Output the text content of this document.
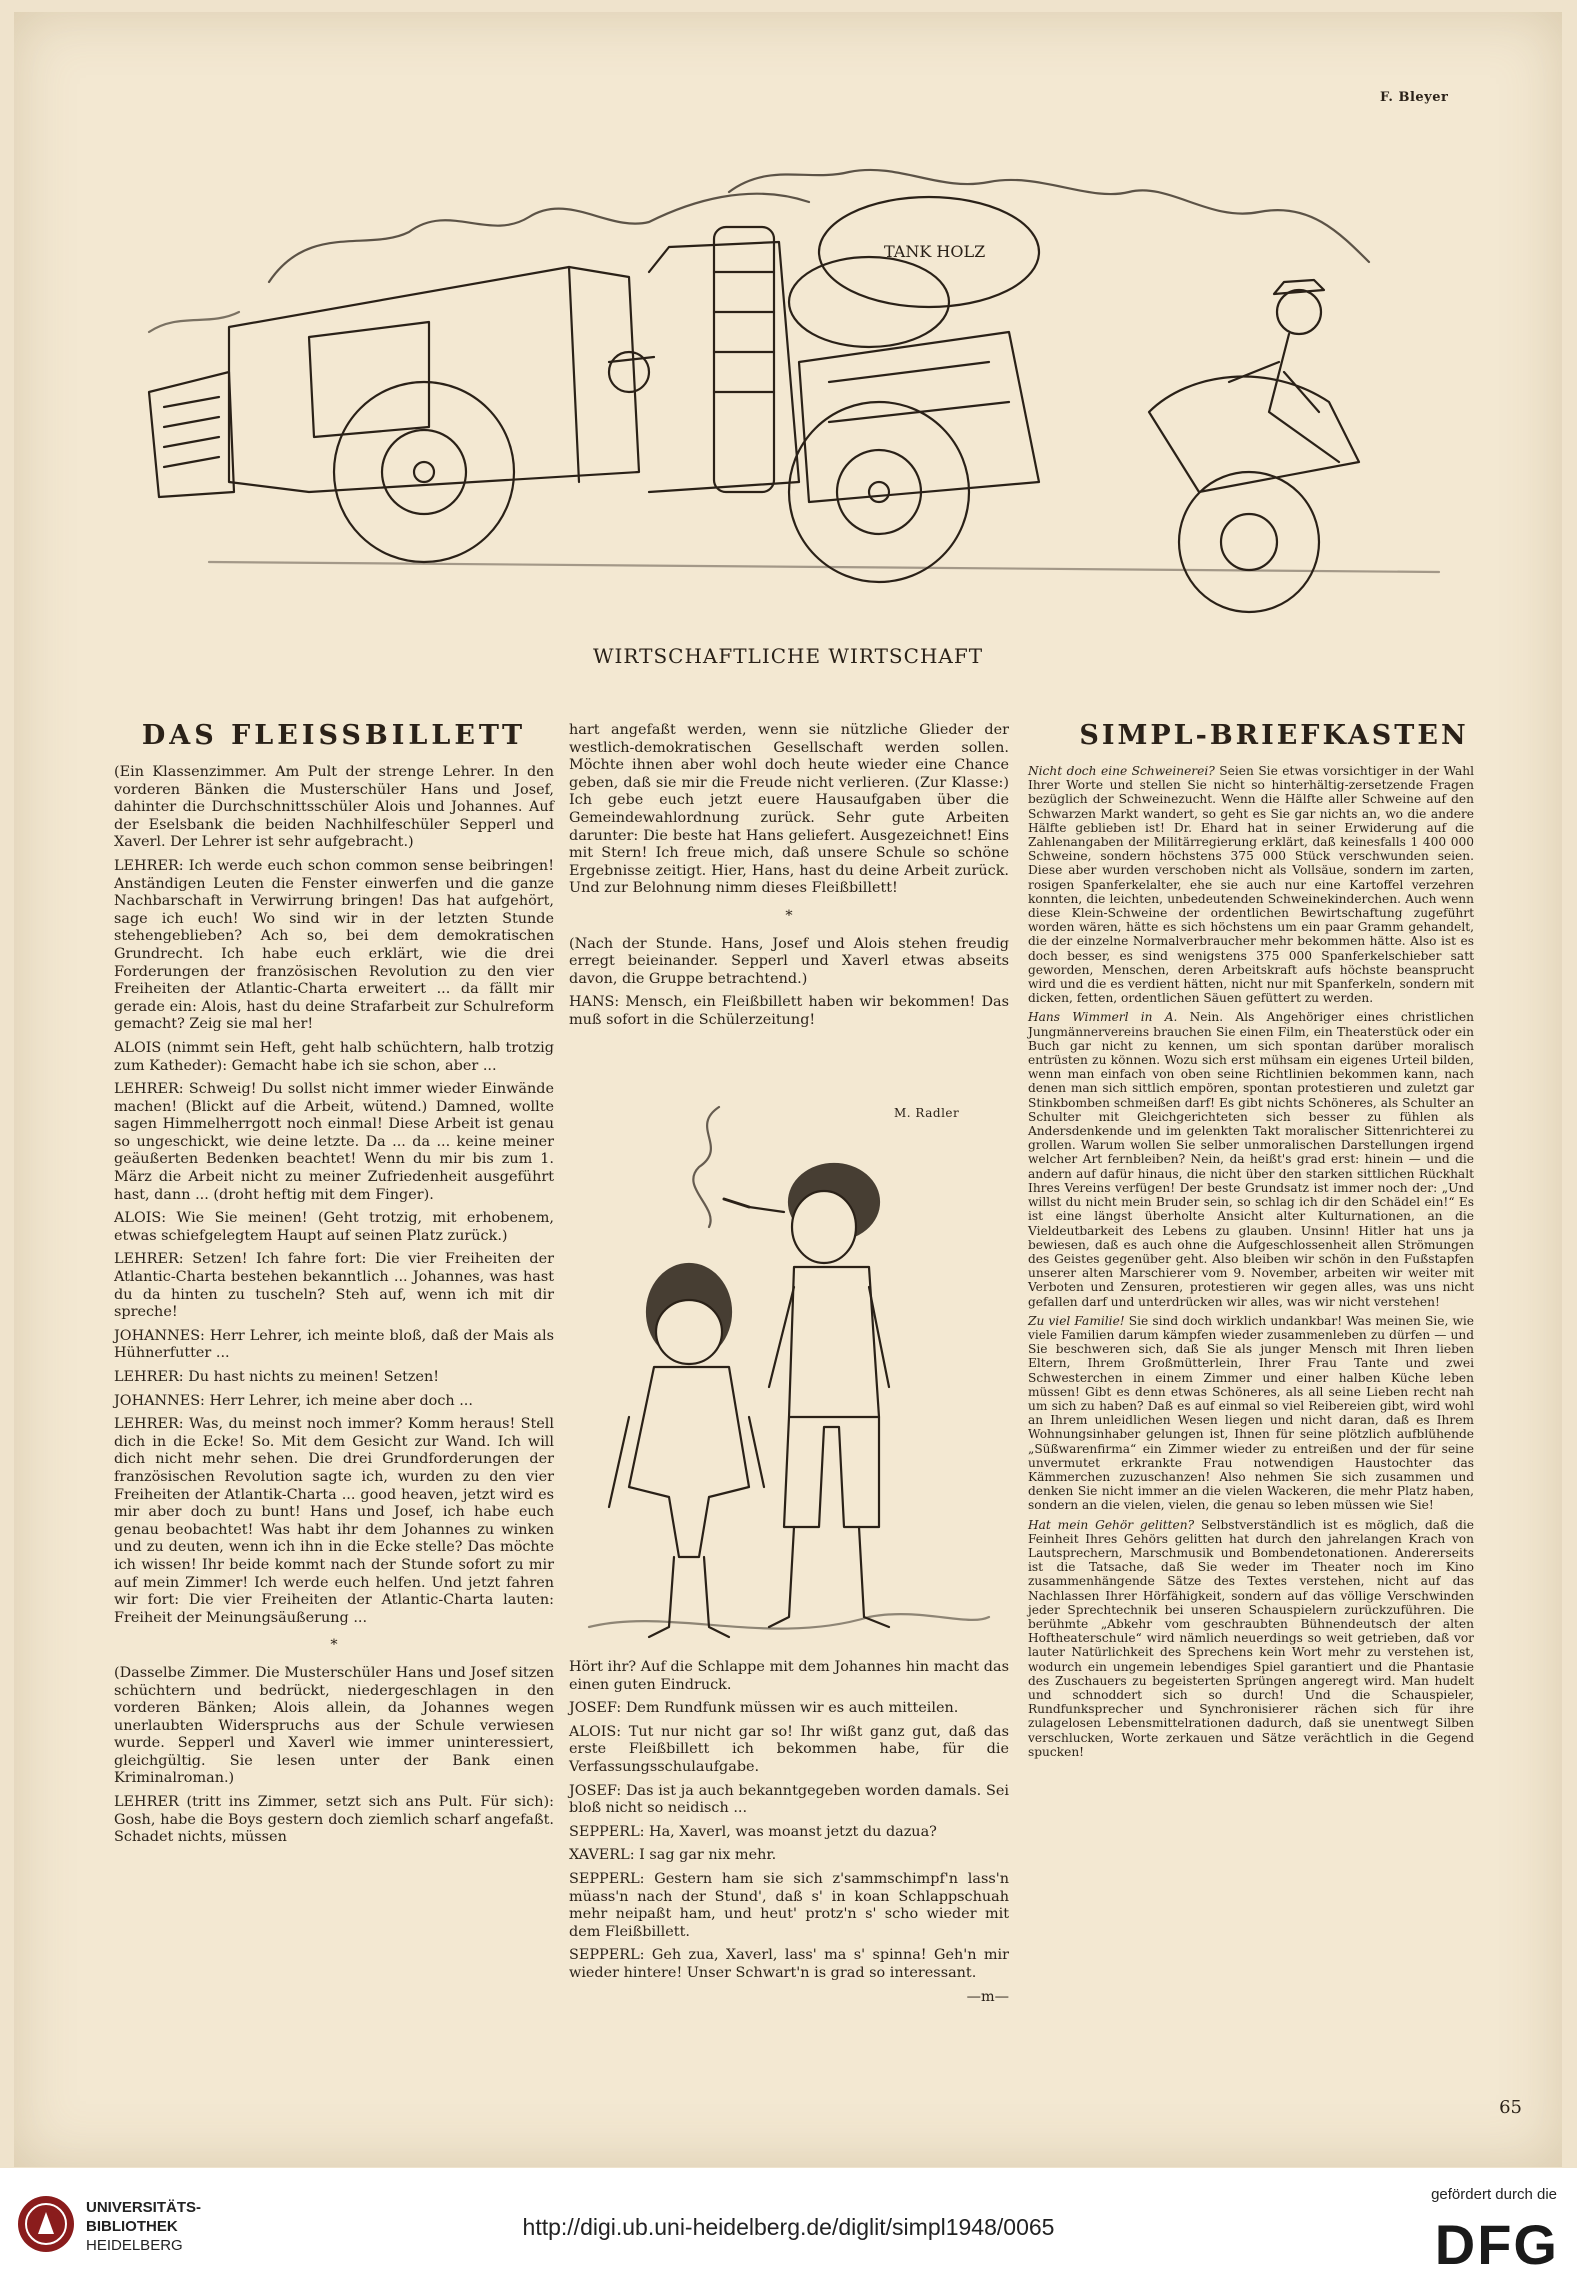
F. Bleyer
TANK HOLZ
WIRTSCHAFTLICHE WIRTSCHAFT
DAS FLEISSBILLETT

(Ein Klassenzimmer. Am Pult der strenge Lehrer. In den vorderen Bänken die Musterschüler Hans und Josef, dahinter die Durchschnittsschüler Alois und Johannes. Auf der Eselsbank die beiden Nachhilfeschüler Sepperl und Xaverl. Der Lehrer ist sehr aufgebracht.)

LEHRER: Ich werde euch schon common sense beibringen! Anständigen Leuten die Fenster einwerfen und die ganze Nachbarschaft in Verwirrung bringen! Das hat aufgehört, sage ich euch! Wo sind wir in der letzten Stunde stehengeblieben? Ach so, bei dem demokratischen Grundrecht. Ich habe euch erklärt, wie die drei Forderungen der französischen Revolution zu den vier Freiheiten der Atlantic-Charta erweitert ... da fällt mir gerade ein: Alois, hast du deine Strafarbeit zur Schulreform gemacht? Zeig sie mal her!

ALOIS (nimmt sein Heft, geht halb schüchtern, halb trotzig zum Katheder): Gemacht habe ich sie schon, aber ...

LEHRER: Schweig! Du sollst nicht immer wieder Einwände machen! (Blickt auf die Arbeit, wütend.) Damned, wollte sagen Himmelherrgott noch einmal! Diese Arbeit ist genau so ungeschickt, wie deine letzte. Da ... da ... keine meiner geäußerten Bedenken beachtet! Wenn du mir bis zum 1. März die Arbeit nicht zu meiner Zufriedenheit ausgeführt hast, dann ... (droht heftig mit dem Finger).

ALOIS: Wie Sie meinen! (Geht trotzig, mit erhobenem, etwas schiefgelegtem Haupt auf seinen Platz zurück.)

LEHRER: Setzen! Ich fahre fort: Die vier Freiheiten der Atlantic-Charta bestehen bekanntlich ... Johannes, was hast du da hinten zu tuscheln? Steh auf, wenn ich mit dir spreche!

JOHANNES: Herr Lehrer, ich meinte bloß, daß der Mais als Hühnerfutter ...

LEHRER: Du hast nichts zu meinen! Setzen!

JOHANNES: Herr Lehrer, ich meine aber doch ...

LEHRER: Was, du meinst noch immer? Komm heraus! Stell dich in die Ecke! So. Mit dem Gesicht zur Wand. Ich will dich nicht mehr sehen. Die drei Grundforderungen der französischen Revolution sagte ich, wurden zu den vier Freiheiten der Atlantik-Charta ... good heaven, jetzt wird es mir aber doch zu bunt! Hans und Josef, ich habe euch genau beobachtet! Was habt ihr dem Johannes zu winken und zu deuten, wenn ich ihn in die Ecke stelle? Das möchte ich wissen! Ihr beide kommt nach der Stunde sofort zu mir auf mein Zimmer! Ich werde euch helfen. Und jetzt fahren wir fort: Die vier Freiheiten der Atlantic-Charta lauten: Freiheit der Meinungsäußerung ...

*

(Dasselbe Zimmer. Die Musterschüler Hans und Josef sitzen schüchtern und bedrückt, niedergeschlagen in den vorderen Bänken; Alois allein, da Johannes wegen unerlaubten Widerspruchs aus der Schule verwiesen wurde. Sepperl und Xaverl wie immer uninteressiert, gleichgültig. Sie lesen unter der Bank einen Kriminalroman.)

LEHRER (tritt ins Zimmer, setzt sich ans Pult. Für sich): Gosh, habe die Boys gestern doch ziemlich scharf angefaßt. Schadet nichts, müssen

hart angefaßt werden, wenn sie nützliche Glieder der westlich-demokratischen Gesellschaft werden sollen. Möchte ihnen aber wohl doch heute wieder eine Chance geben, daß sie mir die Freude nicht verlieren. (Zur Klasse:) Ich gebe euch jetzt euere Hausaufgaben über die Gemeindewahlordnung zurück. Sehr gute Arbeiten darunter: Die beste hat Hans geliefert. Ausgezeichnet! Eins mit Stern! Ich freue mich, daß unsere Schule so schöne Ergebnisse zeitigt. Hier, Hans, hast du deine Arbeit zurück. Und zur Belohnung nimm dieses Fleißbillett!

*

(Nach der Stunde. Hans, Josef und Alois stehen freudig erregt beieinander. Sepperl und Xaverl etwas abseits davon, die Gruppe betrachtend.)

HANS: Mensch, ein Fleißbillett haben wir bekommen! Das muß sofort in die Schülerzeitung!

M. Radler

Hört ihr? Auf die Schlappe mit dem Johannes hin macht das einen guten Eindruck.

JOSEF: Dem Rundfunk müssen wir es auch mitteilen.

ALOIS: Tut nur nicht gar so! Ihr wißt ganz gut, daß das erste Fleißbillett ich bekommen habe, für die Verfassungsschulaufgabe.

JOSEF: Das ist ja auch bekanntgegeben worden damals. Sei bloß nicht so neidisch ...

SEPPERL: Ha, Xaverl, was moanst jetzt du dazua?

XAVERL: I sag gar nix mehr.

SEPPERL: Gestern ham sie sich z'sammschimpf'n lass'n müass'n nach der Stund', daß s' in koan Schlappschuah mehr neipaßt ham, und heut' protz'n s' scho wieder mit dem Fleißbillett.

SEPPERL: Geh zua, Xaverl, lass' ma s' spinna! Geh'n mir wieder hintere! Unser Schwart'n is grad so interessant.

—m—

SIMPL-BRIEFKASTEN

Nicht doch eine Schweinerei? Seien Sie etwas vorsichtiger in der Wahl Ihrer Worte und stellen Sie nicht so hinterhältig-zersetzende Fragen bezüglich der Schweinezucht. Wenn die Hälfte aller Schweine auf den Schwarzen Markt wandert, so geht es Sie gar nichts an, wo die andere Hälfte geblieben ist! Dr. Ehard hat in seiner Erwiderung auf die Zahlenangaben der Militärregierung erklärt, daß keinesfalls 1 400 000 Schweine, sondern höchstens 375 000 Stück verschwunden seien. Diese aber wurden verschoben nicht als Vollsäue, sondern im zarten, rosigen Spanferkelalter, ehe sie auch nur eine Kartoffel verzehren konnten, die leichten, unbedeutenden Schweinekinderchen. Auch wenn diese Klein-Schweine der ordentlichen Bewirtschaftung zugeführt worden wären, hätte es sich höchstens um ein paar Gramm gehandelt, die der einzelne Normalverbraucher mehr bekommen hätte. Also ist es doch besser, es sind wenigstens 375 000 Spanferkelschieber satt geworden, Menschen, deren Arbeitskraft aufs höchste beansprucht wird und die es verdient hätten, nicht nur mit Spanferkeln, sondern mit dicken, fetten, ordentlichen Säuen gefüttert zu werden.

Hans Wimmerl in A. Nein. Als Angehöriger eines christlichen Jungmännervereins brauchen Sie einen Film, ein Theaterstück oder ein Buch gar nicht zu kennen, um sich spontan darüber moralisch entrüsten zu können. Wozu sich erst mühsam ein eigenes Urteil bilden, wenn man einfach von oben seine Richtlinien bekommen kann, nach denen man sich sittlich empören, spontan protestieren und zuletzt gar Stinkbomben schmeißen darf! Es gibt nichts Schöneres, als Schulter an Schulter mit Gleichgerichteten sich besser zu fühlen als Andersdenkende und im gelenkten Takt moralischer Sittenrichterei zu grollen. Warum wollen Sie selber unmoralischen Darstellungen irgend welcher Art fernbleiben? Nein, da heißt's grad erst: hinein — und die andern auf dafür hinaus, die nicht über den starken sittlichen Rückhalt Ihres Vereins verfügen! Der beste Grundsatz ist immer noch der: „Und willst du nicht mein Bruder sein, so schlag ich dir den Schädel ein!“ Es ist eine längst überholte Ansicht alter Kulturnationen, an die Vieldeutbarkeit des Lebens zu glauben. Unsinn! Hitler hat uns ja bewiesen, daß es auch ohne die Aufgeschlossenheit allen Strömungen des Geistes gegenüber geht. Also bleiben wir schön in den Fußstapfen unserer alten Marschierer vom 9. November, arbeiten wir weiter mit Verboten und Zensuren, protestieren wir gegen alles, was uns nicht gefallen darf und unterdrücken wir alles, was wir nicht verstehen!

Zu viel Familie! Sie sind doch wirklich undankbar! Was meinen Sie, wie viele Familien darum kämpfen wieder zusammenleben zu dürfen — und Sie beschweren sich, daß Sie als junger Mensch mit Ihren lieben Eltern, Ihrem Großmütterlein, Ihrer Frau Tante und zwei Schwesterchen in einem Zimmer und einer halben Küche leben müssen! Gibt es denn etwas Schöneres, als all seine Lieben recht nah um sich zu haben? Daß es auf einmal so viel Reibereien gibt, wird wohl an Ihrem unleidlichen Wesen liegen und nicht daran, daß es Ihrem Wohnungsinhaber gelungen ist, Ihnen für seine plötzlich aufblühende „Süßwarenfirma“ ein Zimmer wieder zu entreißen und der für seine unvermutet erkrankte Frau notwendigen Haustochter das Kämmerchen zuzuschanzen! Also nehmen Sie sich zusammen und denken Sie nicht immer an die vielen Wackeren, die mehr Platz haben, sondern an die vielen, vielen, die genau so leben müssen wie Sie!

Hat mein Gehör gelitten? Selbstverständlich ist es möglich, daß die Feinheit Ihres Gehörs gelitten hat durch den jahrelangen Krach von Lautsprechern, Marschmusik und Bombendetonationen. Andererseits ist die Tatsache, daß Sie weder im Theater noch im Kino zusammenhängende Sätze des Textes verstehen, nicht auf das Nachlassen Ihrer Hörfähigkeit, sondern auf das völlige Verschwinden jeder Sprechtechnik bei unseren Schauspielern zurückzuführen. Die berühmte „Abkehr vom geschraubten Bühnendeutsch der alten Hoftheaterschule“ wird nämlich neuerdings so weit getrieben, daß vor lauter Natürlichkeit des Sprechens kein Wort mehr zu verstehen ist, wodurch ein ungemein lebendiges Spiel garantiert und die Phantasie des Zuschauers zu begeisterten Sprüngen angeregt wird. Man hudelt und schnoddert sich so durch! Und die Schauspieler, Rundfunksprecher und Synchronisierer rächen sich für ihre zulagelosen Lebensmittelrationen dadurch, daß sie unentwegt Silben verschlucken, Worte zerkauen und Sätze verächtlich in die Gegend spucken!

65
UNIVERSITÄTS-
BIBLIOTHEK
HEIDELBERG
http://digi.ub.uni-heidelberg.de/diglit/simpl1948/0065
gefördert durch die
DFG
